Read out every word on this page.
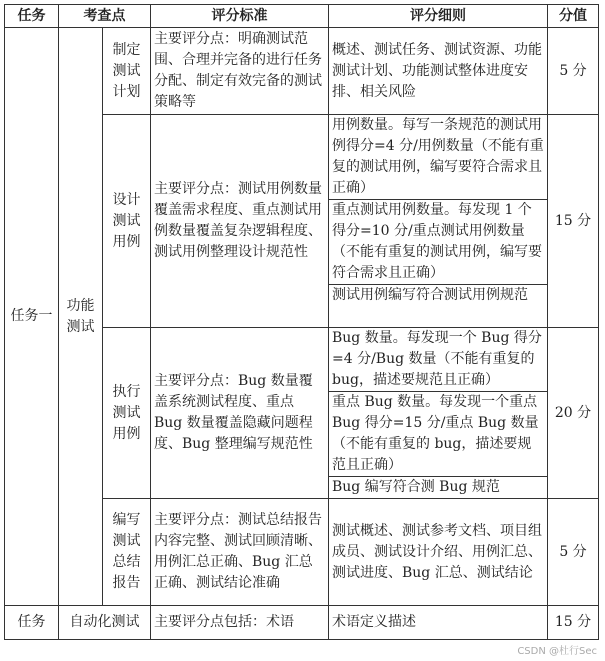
任务	考查点		评分标准	评分细则	分值
任务一	功能测试	制定测试计划	主要评分点：明确测试范围、合理并完备的进行任务分配、制定有效完备的测试策略等	概述、测试任务、测试资源、功能测试计划、功能测试整体进度安排、相关风险	5 分
		设计测试用例	主要评分点：测试用例数量覆盖需求程度、重点测试用例数量覆盖复杂逻辑程度、测试用例整理设计规范性	用例数量。每写一条规范的测试用例得分=4 分/用例数量（不能有重复的测试用例，编写要符合需求且正确）
重点测试用例数量。每发现 1 个得分=10 分/重点测试用例数量（不能有重复的测试用例，编写要符合需求且正确）
测试用例编写符合测试用例规范	15 分
		执行测试用例	主要评分点：Bug 数量覆盖系统测试程度、重点 Bug 数量覆盖隐藏问题程度、Bug 整理编写规范性	Bug 数量。每发现一个 Bug 得分=4 分/Bug 数量（不能有重复的 bug，描述要规范且正确）
重点 Bug 数量。每发现一个重点 Bug 得分=15 分/重点 Bug 数量（不能有重复的 bug，描述要规范且正确）
Bug 编写符合测 Bug 规范	20 分
		编写测试总结报告	主要评分点：测试总结报告内容完整、测试回顾清晰、用例汇总正确、Bug 汇总正确、测试结论准确	测试概述、测试参考文档、项目组成员、测试设计介绍、用例汇总、测试进度、Bug 汇总、测试结论	5 分
任务	自动化测试		主要评分点包括：术语	术语定义描述	15 分
CSDN @杜行Sec
